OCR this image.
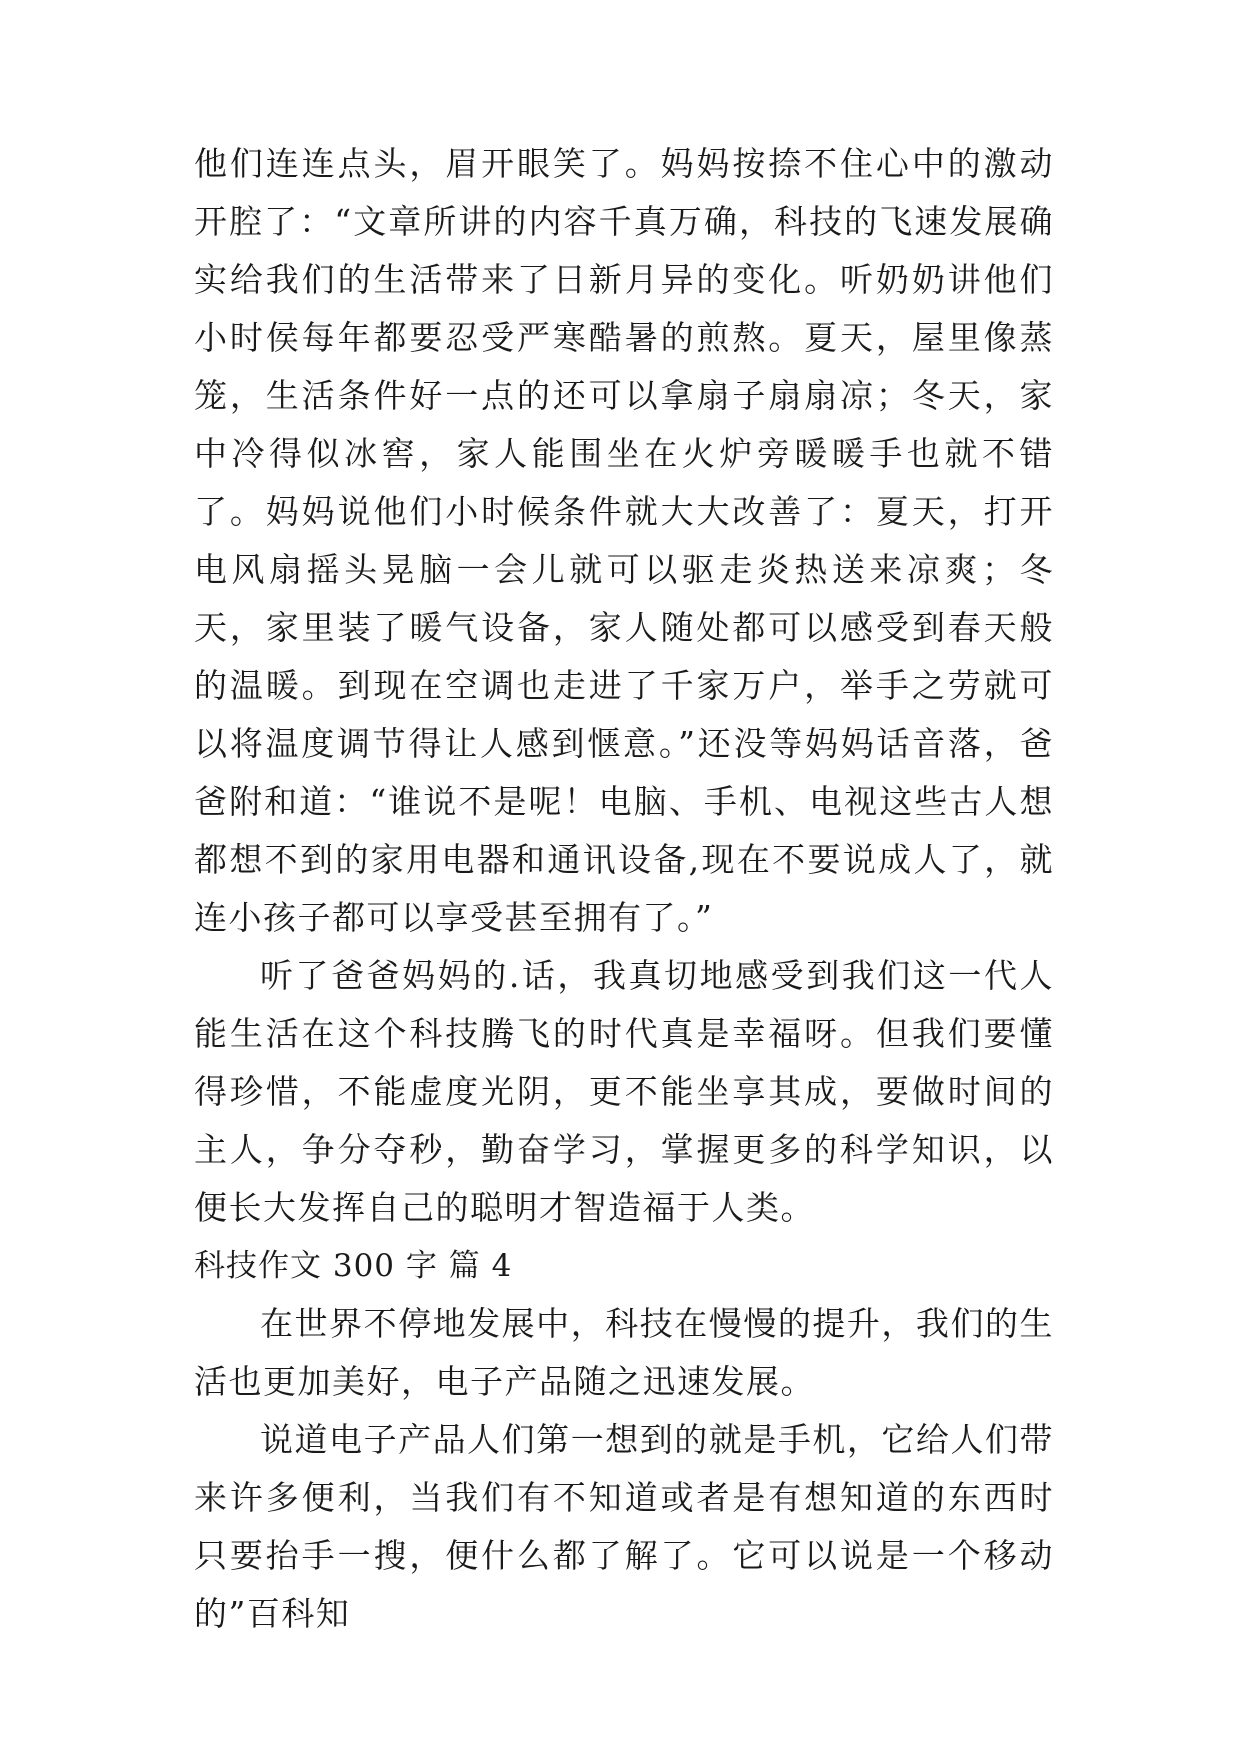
他们连连点头，眉开眼笑了。妈妈按捺不住心中的激动开腔了：“文章所讲的内容千真万确，科技的飞速发展确实给我们的生活带来了日新月异的变化。听奶奶讲他们小时侯每年都要忍受严寒酷暑的煎熬。夏天，屋里像蒸笼，生活条件好一点的还可以拿扇子扇扇凉；冬天，家中冷得似冰窖，家人能围坐在火炉旁暖暖手也就不错了。妈妈说他们小时候条件就大大改善了：夏天，打开电风扇摇头晃脑一会儿就可以驱走炎热送来凉爽；冬天，家里装了暖气设备，家人随处都可以感受到春天般的温暖。到现在空调也走进了千家万户，举手之劳就可以将温度调节得让人感到惬意。”还没等妈妈话音落，爸爸附和道：“谁说不是呢！电脑、手机、电视这些古人想都想不到的家用电器和通讯设备,现在不要说成人了，就连小孩子都可以享受甚至拥有了。”

听了爸爸妈妈的.话，我真切地感受到我们这一代人能生活在这个科技腾飞的时代真是幸福呀。但我们要懂得珍惜，不能虚度光阴，更不能坐享其成，要做时间的主人，争分夺秒，勤奋学习，掌握更多的科学知识，以便长大发挥自己的聪明才智造福于人类。

科技作文 300 字 篇 4

在世界不停地发展中，科技在慢慢的提升，我们的生活也更加美好，电子产品随之迅速发展。

说道电子产品人们第一想到的就是手机，它给人们带来许多便利，当我们有不知道或者是有想知道的东西时只要抬手一搜，便什么都了解了。它可以说是一个移动的”百科知
